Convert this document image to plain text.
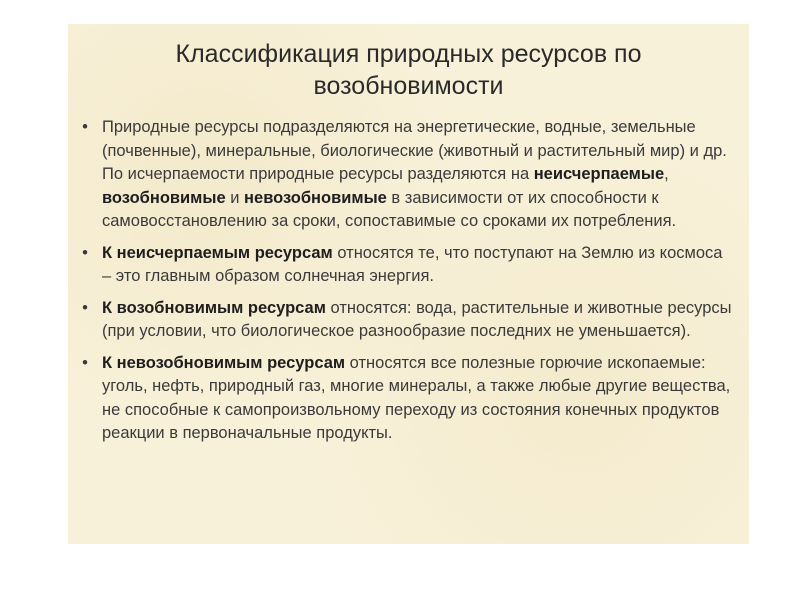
Классификация природных ресурсов по
возобновимости
• Природные ресурсы подразделяются на энергетические, водные, земельные (почвенные), минеральные, биологические (животный и растительный мир) и др. По исчерпаемости природные ресурсы разделяются на неисчерпаемые, возобновимые и невозобновимые в зависимости от их способности к самовосстановлению за сроки, сопоставимые со сроками их потребления.
• К неисчерпаемым ресурсам относятся те, что поступают на Землю из космоса – это главным образом солнечная энергия.
• К возобновимым ресурсам относятся: вода, растительные и животные ресурсы (при условии, что биологическое разнообразие последних не уменьшается).
• К невозобновимым ресурсам относятся все полезные горючие ископаемые: уголь, нефть, природный газ, многие минералы, а также любые другие вещества, не способные к самопроизвольному переходу из состояния конечных продуктов реакции в первоначальные продукты.
